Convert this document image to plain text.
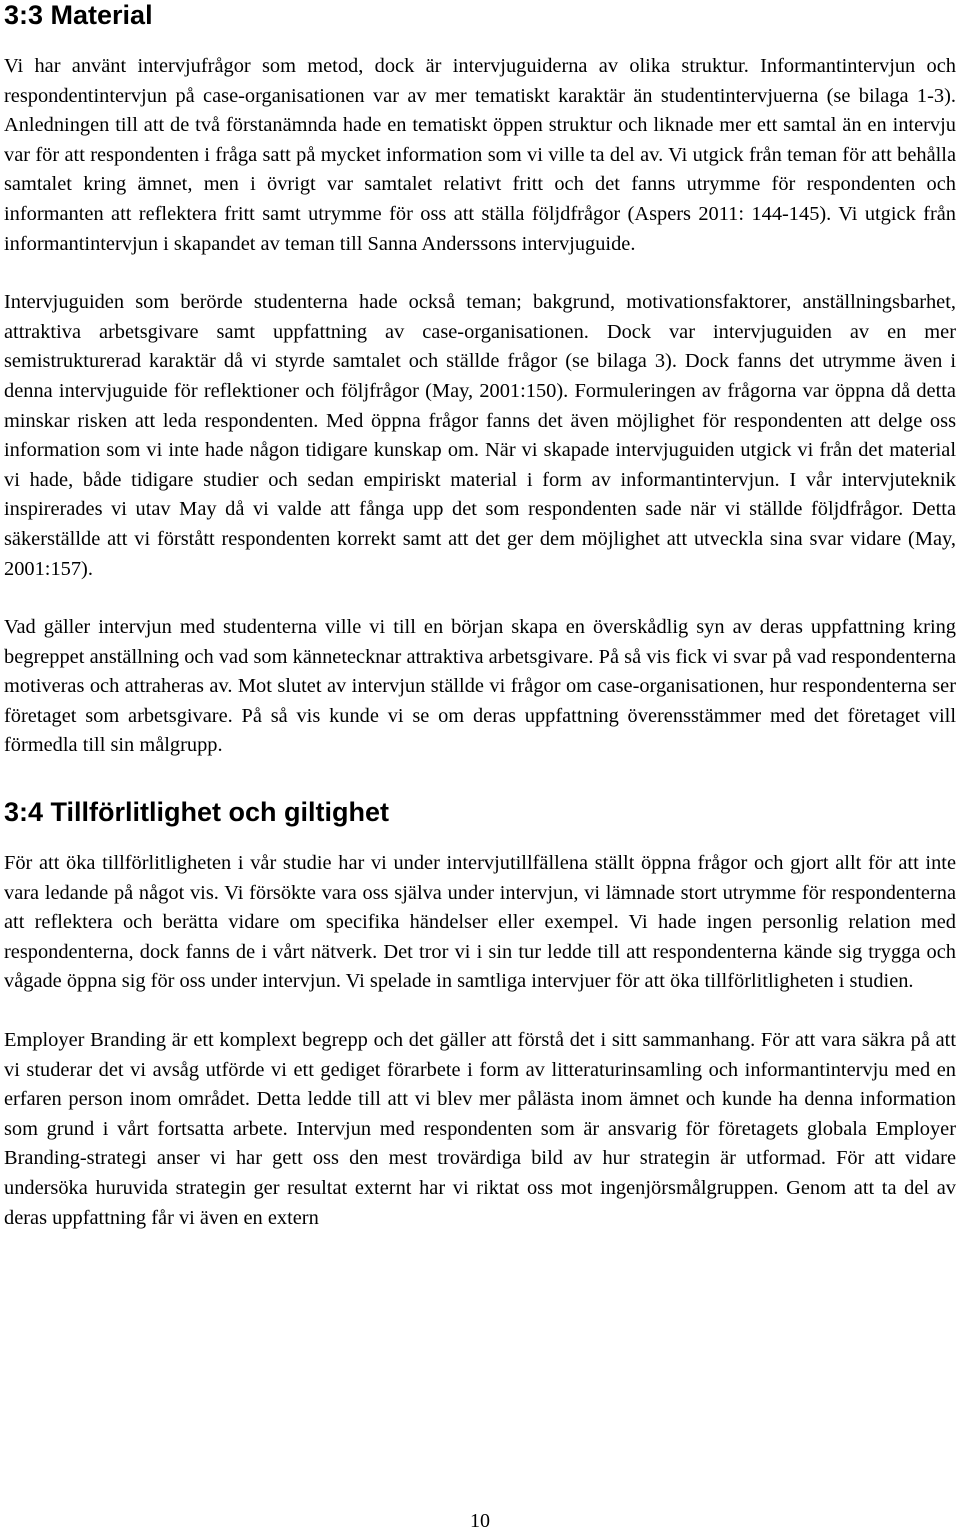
3:3 Material

Vi har använt intervjufrågor som metod, dock är intervjuguiderna av olika struktur. Informantintervjun och respondentintervjun på case-organisationen var av mer tematiskt karaktär än studentintervjuerna (se bilaga 1-3). Anledningen till att de två förstanämnda hade en tematiskt öppen struktur och liknade mer ett samtal än en intervju var för att respondenten i fråga satt på mycket information som vi ville ta del av. Vi utgick från teman för att behålla samtalet kring ämnet, men i övrigt var samtalet relativt fritt och det fanns utrymme för respondenten och informanten att reflektera fritt samt utrymme för oss att ställa följdfrågor (Aspers 2011: 144-145). Vi utgick från informantintervjun i skapandet av teman till Sanna Anderssons intervjuguide.

Intervjuguiden som berörde studenterna hade också teman; bakgrund, motivationsfaktorer, anställningsbarhet, attraktiva arbetsgivare samt uppfattning av case-organisationen. Dock var intervjuguiden av en mer semistrukturerad karaktär då vi styrde samtalet och ställde frågor (se bilaga 3). Dock fanns det utrymme även i denna intervjuguide för reflektioner och följfrågor (May, 2001:150). Formuleringen av frågorna var öppna då detta minskar risken att leda respondenten. Med öppna frågor fanns det även möjlighet för respondenten att delge oss information som vi inte hade någon tidigare kunskap om. När vi skapade intervjuguiden utgick vi från det material vi hade, både tidigare studier och sedan empiriskt material i form av informantintervjun. I vår intervjuteknik inspirerades vi utav May då vi valde att fånga upp det som respondenten sade när vi ställde följdfrågor. Detta säkerställde att vi förstått respondenten korrekt samt att det ger dem möjlighet att utveckla sina svar vidare (May, 2001:157).

Vad gäller intervjun med studenterna ville vi till en början skapa en överskådlig syn av deras uppfattning kring begreppet anställning och vad som kännetecknar attraktiva arbetsgivare. På så vis fick vi svar på vad respondenterna motiveras och attraheras av. Mot slutet av intervjun ställde vi frågor om case-organisationen, hur respondenterna ser företaget som arbetsgivare. På så vis kunde vi se om deras uppfattning överensstämmer med det företaget vill förmedla till sin målgrupp.

3:4 Tillförlitlighet och giltighet

För att öka tillförlitligheten i vår studie har vi under intervjutillfällena ställt öppna frågor och gjort allt för att inte vara ledande på något vis. Vi försökte vara oss själva under intervjun, vi lämnade stort utrymme för respondenterna att reflektera och berätta vidare om specifika händelser eller exempel. Vi hade ingen personlig relation med respondenterna, dock fanns de i vårt nätverk. Det tror vi i sin tur ledde till att respondenterna kände sig trygga och vågade öppna sig för oss under intervjun. Vi spelade in samtliga intervjuer för att öka tillförlitligheten i studien.

Employer Branding är ett komplext begrepp och det gäller att förstå det i sitt sammanhang. För att vara säkra på att vi studerar det vi avsåg utförde vi ett gediget förarbete i form av litteraturinsamling och informantintervju med en erfaren person inom området. Detta ledde till att vi blev mer pålästa inom ämnet och kunde ha denna information som grund i vårt fortsatta arbete. Intervjun med respondenten som är ansvarig för företagets globala Employer Branding-strategi anser vi har gett oss den mest trovärdiga bild av hur strategin är utformad. För att vidare undersöka huruvida strategin ger resultat externt har vi riktat oss mot ingenjörsmålgruppen. Genom att ta del av deras uppfattning får vi även en extern

10
